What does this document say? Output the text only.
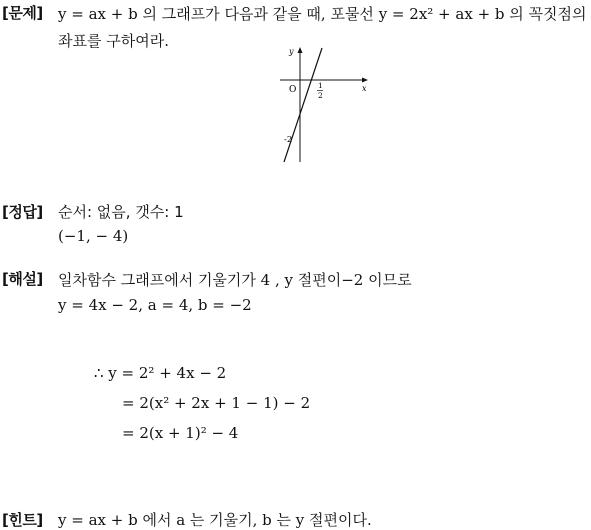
[문제] y = ax + b 의 그래프가 다음과 같을 때, 포물선 y = 2x² + ax + b 의 꼭짓점의
좌표를 구하여라.
y
x
O	1
2
-2
[정답] 순서: 없음, 갯수: 1
(−1, − 4)
[해설] 일차함수 그래프에서 기울기가 4 , y 절편이−2 이므로
y = 4x − 2, a = 4, b = −2
∴ y = 2² + 4x − 2
= 2(x² + 2x + 1 − 1) − 2
= 2(x + 1)² − 4
[힌트] y = ax + b 에서 a 는 기울기, b 는 y 절편이다.
